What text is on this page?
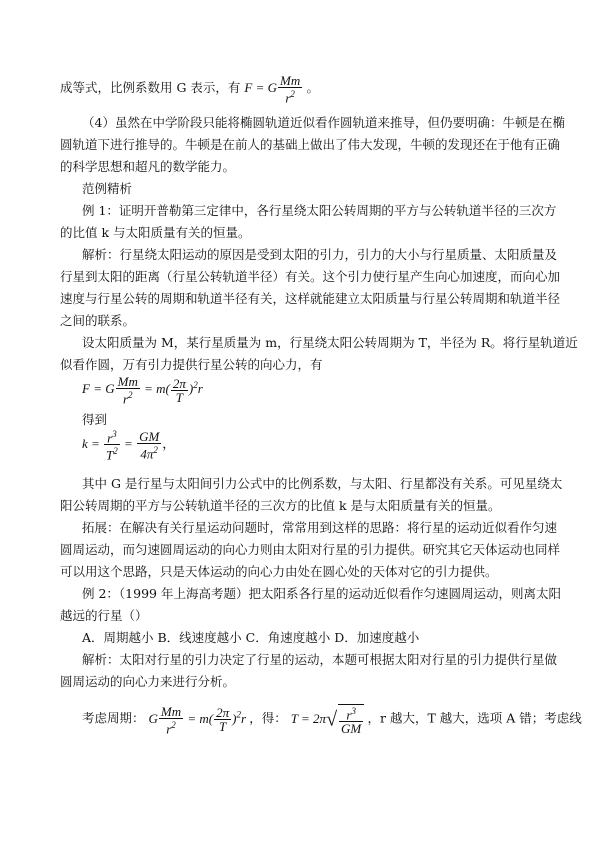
成等式，比例系数用 G 表示，有 F = G $\frac{Mm}{r^2}$ 。
（4）虽然在中学阶段只能将椭圆轨道近似看作圆轨道来推导，但仍要明确：牛顿是在椭
圆轨道下进行推导的。牛顿是在前人的基础上做出了伟大发现，牛顿的发现还在于他有正确
的科学思想和超凡的数学能力。
范例精析
例 1：证明开普勒第三定律中，各行星绕太阳公转周期的平方与公转轨道半径的三次方
的比值 k 与太阳质量有关的恒量。
解析：行星绕太阳运动的原因是受到太阳的引力，引力的大小与行星质量、太阳质量及
行星到太阳的距离（行星公转轨道半径）有关。这个引力使行星产生向心加速度，而向心加
速度与行星公转的周期和轨道半径有关，这样就能建立太阳质量与行星公转周期和轨道半径
之间的联系。
设太阳质量为 M，某行星质量为 m，行星绕太阳公转周期为 T，半径为 R。将行星轨道近
似看作圆，万有引力提供行星公转的向心力，有
F = G $\frac{Mm}{r^2} = m( \frac{2\pi}{T} )^2r$
得到
$k = \frac{r^3}{T^2} = \frac{GM}{4\pi^2}$ ，
其中 G 是行星与太阳间引力公式中的比例系数，与太阳、行星都没有关系。可见星绕太
阳公转周期的平方与公转轨道半径的三次方的比值 k 是与太阳质量有关的恒量。
拓展：在解决有关行星运动问题时，常常用到这样的思路：将行星的运动近似看作匀速
圆周运动，而匀速圆周运动的向心力则由太阳对行星的引力提供。研究其它天体运动也同样
可以用这个思路，只是天体运动的向心力由处在圆心处的天体对它的引力提供。
例 2：（1999 年上海高考题）把太阳系各行星的运动近似看作匀速圆周运动，则离太阳
越远的行星（）
A．周期越小 B．线速度越小 C．角速度越小 D．加速度越小
解析：太阳对行星的引力决定了行星的运动，本题可根据太阳对行星的引力提供行星做
圆周运动的向心力来进行分析。
考虑周期： G $\frac{Mm}{r^2} = m( \frac{2\pi}{T} )^2r$ ，得： $T = 2\pi√ \frac{r^3}{GM}$ ，r 越大，T 越大，选项 A 错；考虑线
